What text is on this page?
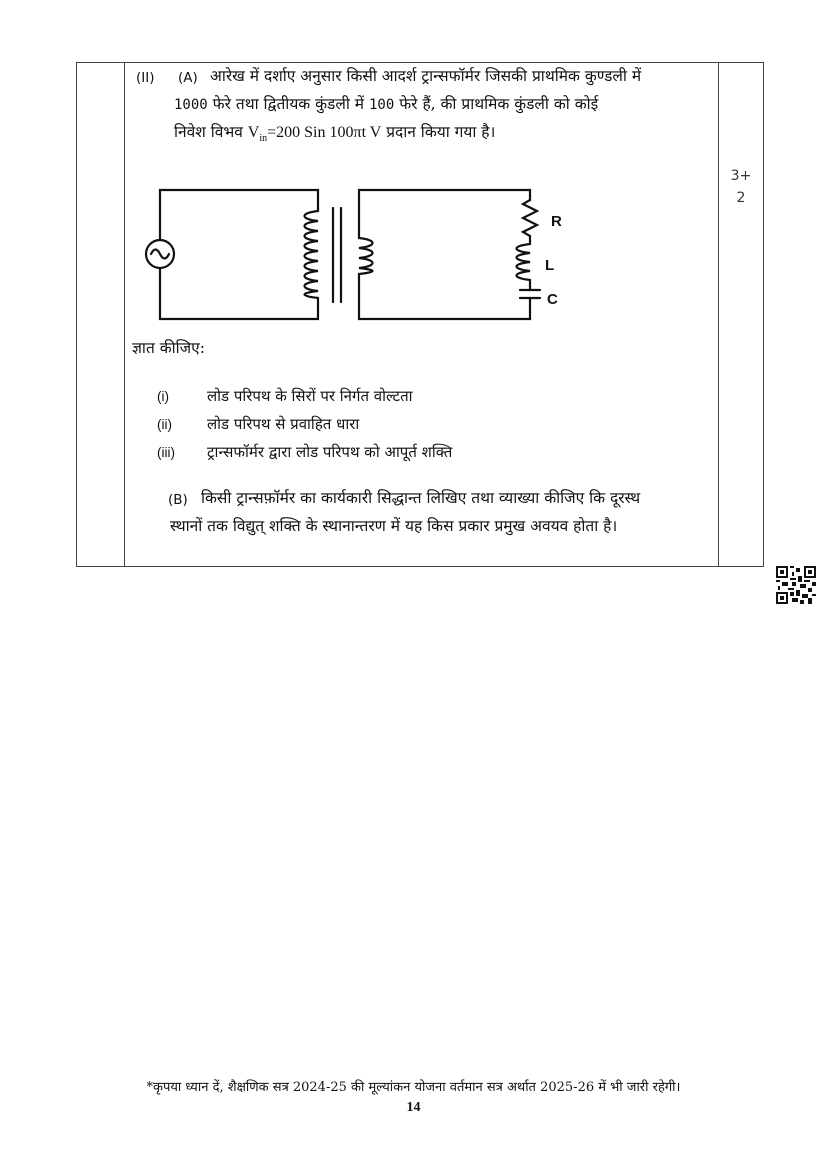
(II) (A) आरेख में दर्शाए अनुसार किसी आदर्श ट्रान्सफॉर्मर जिसकी प्राथमिक कुण्डली में
1000 फेरे तथा द्वितीयक कुंडली में 100 फेरे हैं, की प्राथमिक कुंडली को कोई
निवेश विभव $V_{in}=200$ Sin 100πt V प्रदान किया गया है।
3+
2
R
L
C
ज्ञात कीजिए:
(i)	लोड परिपथ के सिरों पर निर्गत वोल्टता
(ii) लोड परिपथ से प्रवाहित धारा
(iii) ट्रान्सफॉर्मर द्वारा लोड परिपथ को आपूर्त शक्ति
(B) किसी ट्रान्सफ़ॉर्मर का कार्यकारी सिद्धान्त लिखिए तथा व्याख्या कीजिए कि दूरस्थ
स्थानों तक विद्युत् शक्ति के स्थानान्तरण में यह किस प्रकार प्रमुख अवयव होता है।
*कृपया ध्यान दें, शैक्षणिक सत्र 2024-25 की मूल्यांकन योजना वर्तमान सत्र अर्थात 2025-26 में भी जारी रहेगी।
14
